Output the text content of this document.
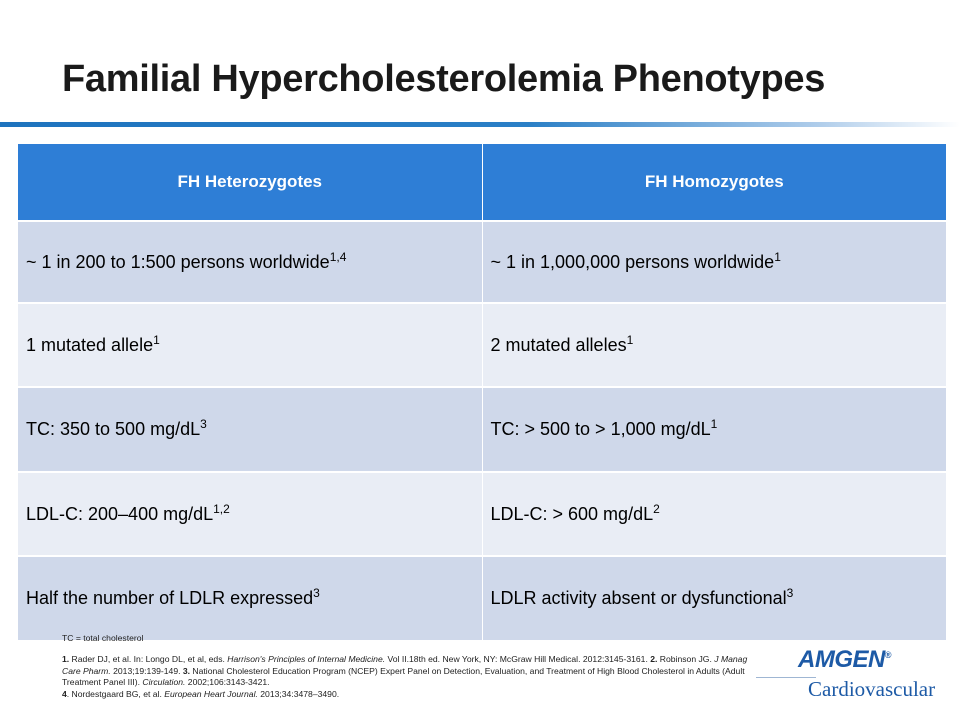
Familial Hypercholesterolemia Phenotypes
FH Heterozygotes	FH Homozygotes
~ 1 in 200 to 1:500 persons worldwide$^{1,4}$	~ 1 in 1,000,000 persons worldwide$^1$
1 mutated allele$^1$	2 mutated alleles$^1$
TC: 350 to 500 $mg/dL^3$	TC: > 500 to > 1,000 $mg/dL^1$
LDL-C: 200–400 mg/dL$^{1,2}$	LDL-C: > 600 $mg/dL^2$
Half the number of LDLR expressed$^3$	LDLR activity absent or dysfunctional$^3$

TC = total cholesterol

1. Rader DJ, et al. In: Longo DL, et al, eds. Harrison's Principles of Internal Medicine. Vol II.18th ed. New York, NY: McGraw Hill Medical. 2012:3145-3161. 2. Robinson JG. J Manag Care Pharm. 2013;19:139-149. 3. National Cholesterol Education Program (NCEP) Expert Panel on Detection, Evaluation, and Treatment of High Blood Cholesterol in Adults (Adult Treatment Panel III). Circulation. 2002;106:3143-3421.
4. Nordestgaard BG, et al. European Heart Journal. 2013;34:3478–3490.

AMGEN®
Cardiovascular
